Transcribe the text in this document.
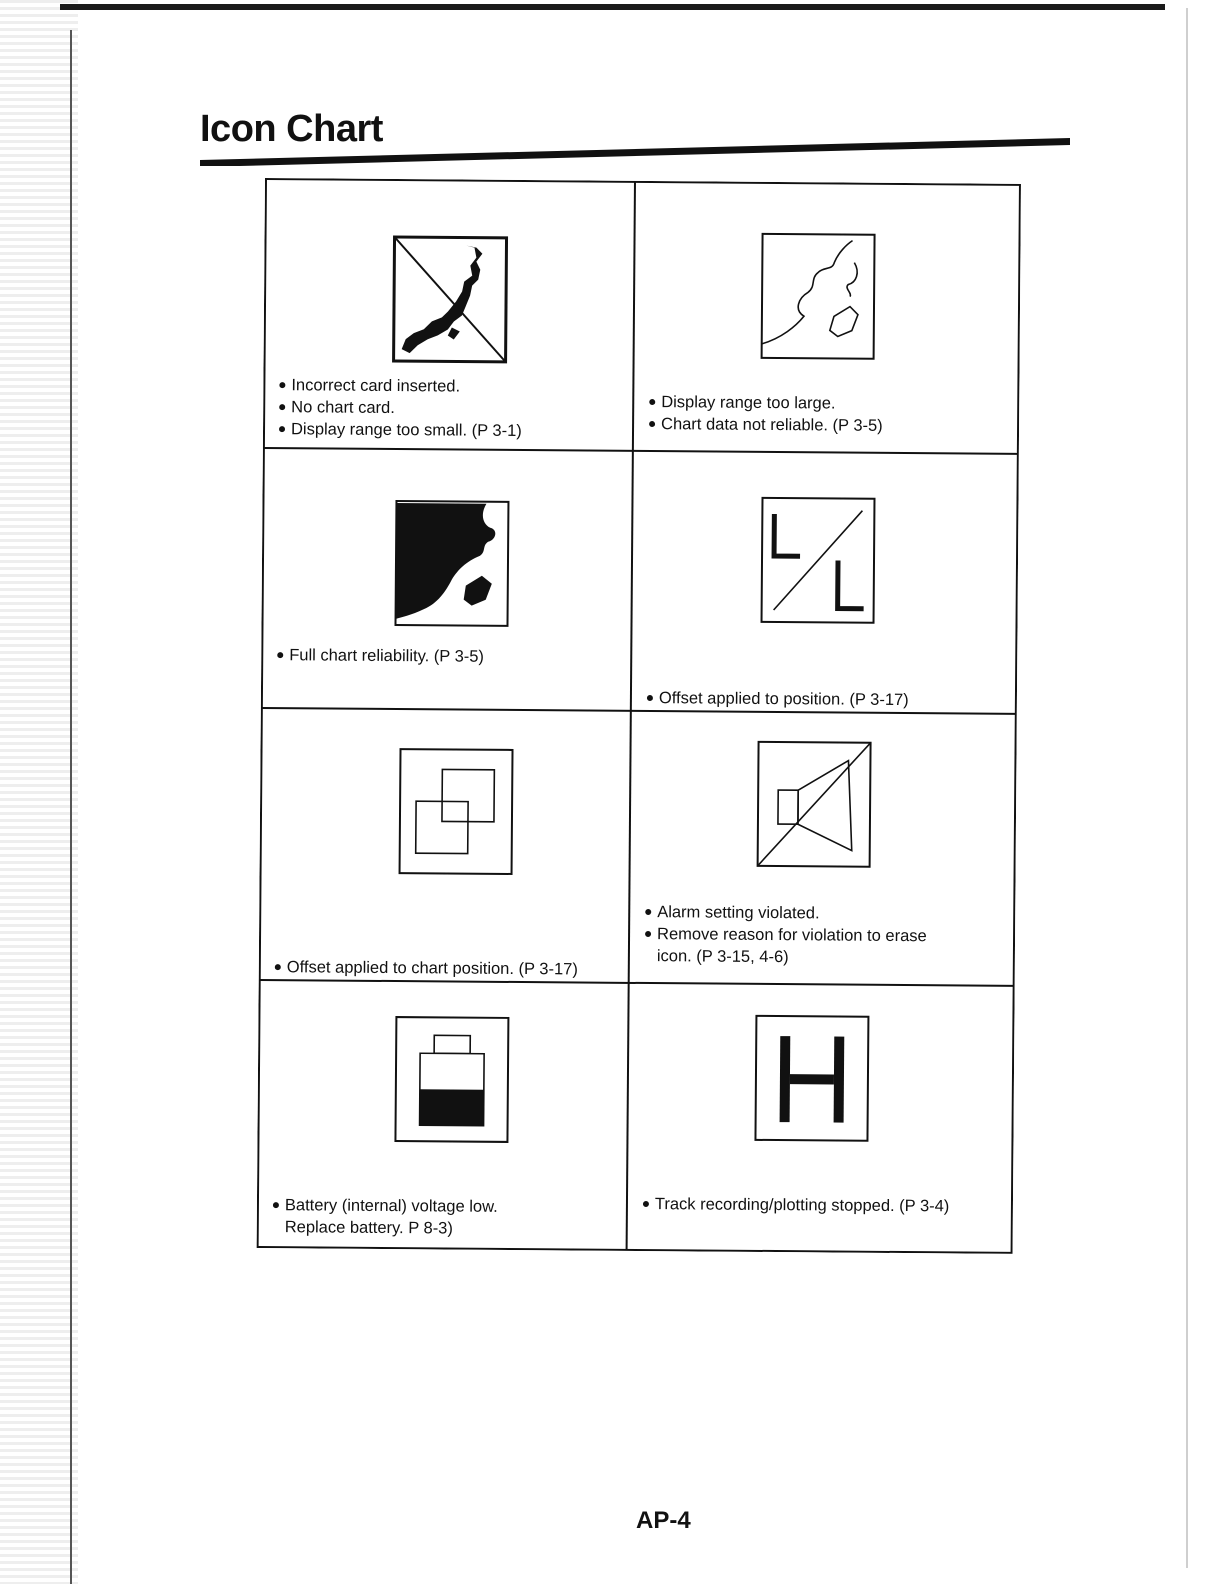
Icon Chart
Incorrect card inserted.
No chart card.
Display range too small. (P 3-1)
Display range too large.
Chart data not reliable. (P 3-5)
Full chart reliability. (P 3-5)
Offset applied to position. (P 3-17)
Offset applied to chart position. (P 3-17)
Alarm setting violated.
Remove reason for violation to erase
icon. (P 3-15, 4-6)
Battery (internal) voltage low.
Replace battery. P 8-3)
Track recording/plotting stopped. (P 3-4)
AP-4
